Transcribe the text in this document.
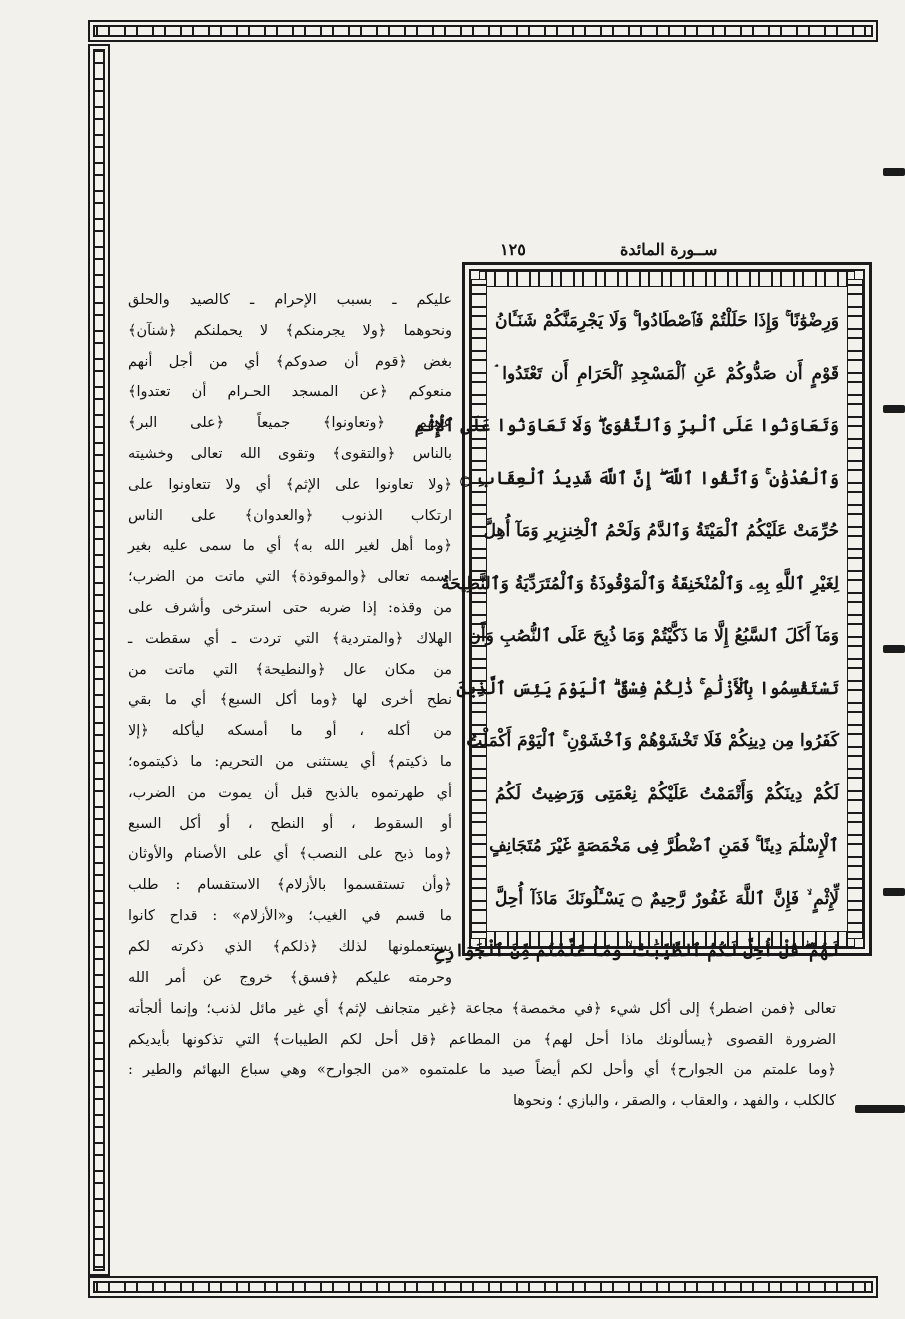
ســورة المائدة
١٢٥
وَرِضْوَٰنًا ۚ وَإِذَا حَلَلْتُمْ فَٱصْطَادُوا ۚ وَلَا يَجْرِمَنَّكُمْ شَنَـَٔانُ
قَوْمٍ أَن صَدُّوكُمْ عَنِ ٱلْمَسْجِدِ ٱلْحَرَامِ أَن تَعْتَدُوا ۘ
وَتَعَاوَنُوا عَلَى ٱلْبِرِّ وَٱلتَّقْوَىٰ ۖ وَلَا تَعَاوَنُوا عَلَى ٱلْإِثْمِ
وَٱلْعُدْوَٰنِ ۚ وَٱتَّقُوا ٱللَّهَ ۖ إِنَّ ٱللَّهَ شَدِيدُ ٱلْعِقَابِ ۝
حُرِّمَتْ عَلَيْكُمُ ٱلْمَيْتَةُ وَٱلدَّمُ وَلَحْمُ ٱلْخِنزِيرِ وَمَآ أُهِلَّ
لِغَيْرِ ٱللَّهِ بِهِۦ وَٱلْمُنْخَنِقَةُ وَٱلْمَوْقُوذَةُ وَٱلْمُتَرَدِّيَةُ وَٱلنَّطِيحَةُ
وَمَآ أَكَلَ ٱلسَّبُعُ إِلَّا مَا ذَكَّيْتُمْ وَمَا ذُبِحَ عَلَى ٱلنُّصُبِ وَأَن
تَسْتَقْسِمُوا بِٱلْأَزْلَٰمِ ۚ ذَٰلِكُمْ فِسْقٌ ۗ ٱلْيَوْمَ يَئِسَ ٱلَّذِينَ
كَفَرُوا مِن دِينِكُمْ فَلَا تَخْشَوْهُمْ وَٱخْشَوْنِ ۚ ٱلْيَوْمَ أَكْمَلْتُ
لَكُمْ دِينَكُمْ وَأَتْمَمْتُ عَلَيْكُمْ نِعْمَتِى وَرَضِيتُ لَكُمُ
ٱلْإِسْلَٰمَ دِينًا ۚ فَمَنِ ٱضْطُرَّ فِى مَخْمَصَةٍ غَيْرَ مُتَجَانِفٍ
لِّإِثْمٍ ۙ فَإِنَّ ٱللَّهَ غَفُورٌ رَّحِيمٌ ۝ يَسْـَٔلُونَكَ مَاذَآ أُحِلَّ
لَهُمْ ۖ قُلْ أُحِلَّ لَكُمُ ٱلطَّيِّبَٰتُ ۙ وَمَا عَلَّمْتُم مِّنَ ٱلْجَوَارِحِ
عليكم ـ بسبب الإحرام ـ كالصيد والحلق
ونحوهما ﴿ولا يجرمنكم﴾ لا يحملنكم ﴿شنآن﴾
بغض ﴿قوم أن صدوكم﴾ أي من أجل أنهم
منعوكم ﴿عن المسجد الحـرام أن تعتدوا﴾
عليهم ﴿وتعاونوا﴾ جميعاً ﴿على البر﴾
بالناس ﴿والتقوى﴾ وتقوى الله تعالى وخشيته
﴿ولا تعاونوا على الإثم﴾ أي ولا تتعاونوا على
ارتكاب الذنوب ﴿والعدوان﴾ على الناس
﴿وما أهل لغير الله به﴾ أي ما سمى عليه بغير
اسمه تعالى ﴿والموقوذة﴾ التي ماتت من الضرب؛
من وقذه: إذا ضربه حتى استرخى وأشرف على
الهلاك ﴿والمتردية﴾ التي تردت ـ أي سقطت ـ
من مكان عال ﴿والنطيحة﴾ التي ماتت من
نطح أخرى لها ﴿وما أكل السبع﴾ أي ما بقي
من أكله ، أو ما أمسكه ليأكله ﴿إلا
ما ذكيتم﴾ أي يستثنى من التحريم: ما ذكيتموه؛
أي طهرتموه بالذبح قبل أن يموت من الضرب،
أو السقوط ، أو النطح ، أو أكل السبع
﴿وما ذبح على النصب﴾ أي على الأصنام والأوثان
﴿وأن تستقسموا بالأزلام﴾ الاستقسام : طلب
ما قسم في الغيب؛ و«الأزلام» : قداح كانوا
يستعملونها لذلك ﴿ذلكم﴾ الذي ذكرته لكم
وحرمته عليكم ﴿فسق﴾ خروج عن أمر الله
تعالى ﴿فمن اضطر﴾ إلى أكل شيء ﴿في مخمصة﴾ مجاعة ﴿غير متجانف لإثم﴾ أي غير مائل لذنب؛ وإنما ألجأته
الضرورة القصوى ﴿يسألونك ماذا أحل لهم﴾ من المطاعم ﴿قل أحل لكم الطيبات﴾ التي تذكونها بأيديكم
﴿وما علمتم من الجوارح﴾ أي وأحل لكم أيضاً صيد ما علمتموه «من الجوارح» وهي سباع البهائم والطير :
كالكلب ، والفهد ، والعقاب ، والصقر ، والبازي ؛ ونحوها
